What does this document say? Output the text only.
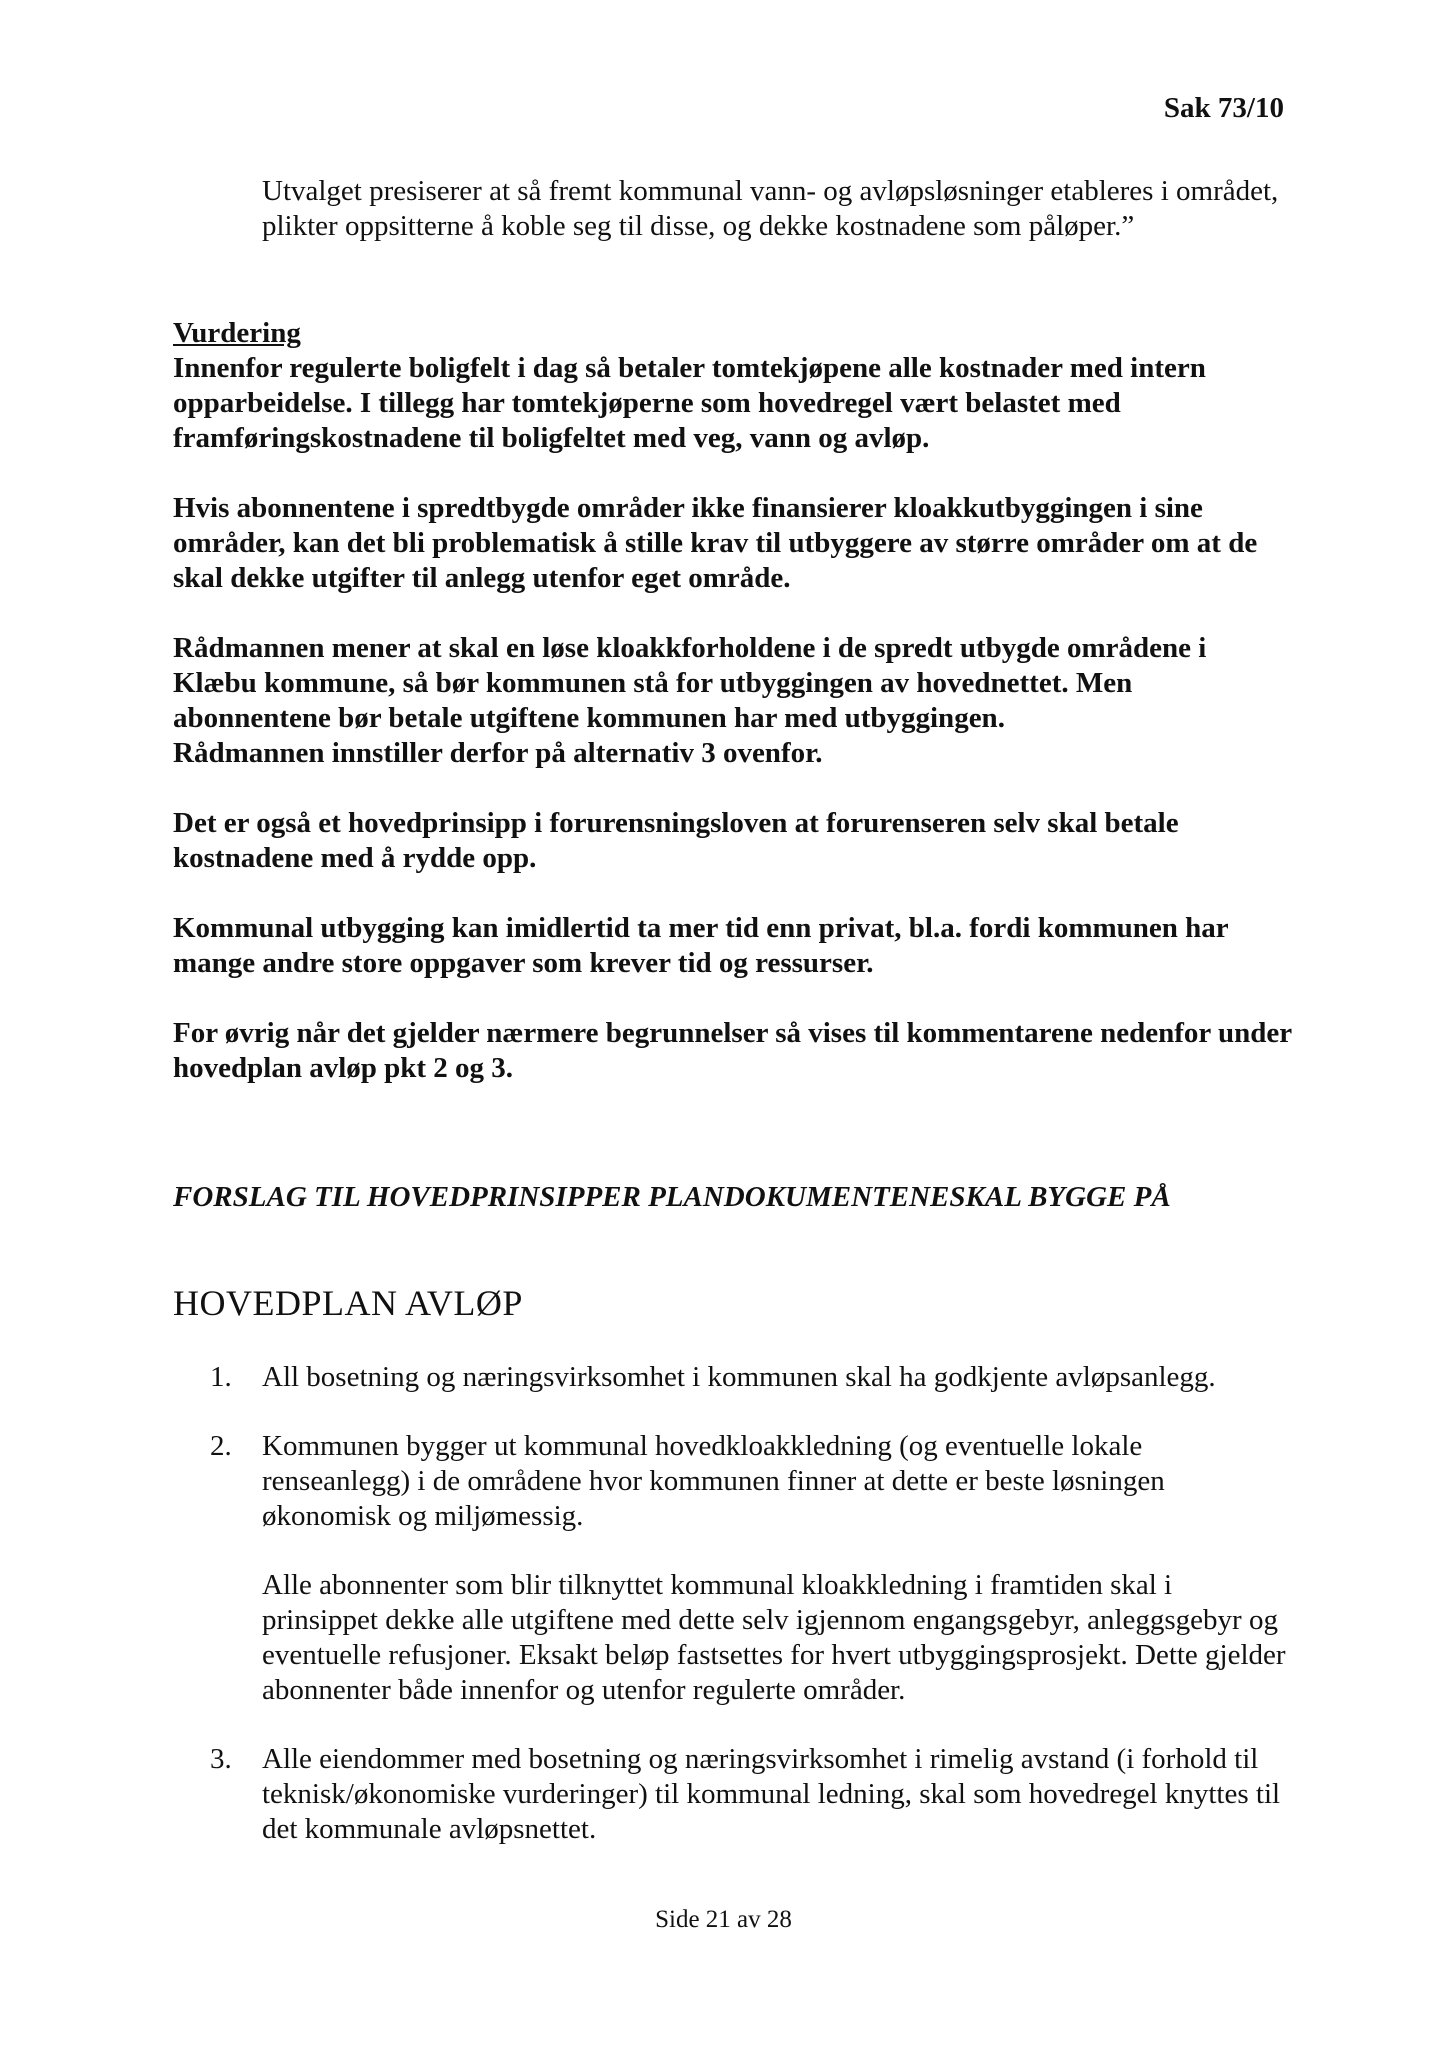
Sak 73/10

Utvalget presiserer at så fremt kommunal vann- og avløpsløsninger etableres i området, plikter oppsitterne å koble seg til disse, og dekke kostnadene som påløper.”

Vurdering

Innenfor regulerte boligfelt i dag så betaler tomtekjøpene alle kostnader med intern opparbeidelse. I tillegg har tomtekjøperne som hovedregel vært belastet med framføringskostnadene til boligfeltet med veg, vann og avløp.

Hvis abonnentene i spredtbygde områder ikke finansierer kloakkutbyggingen i sine områder, kan det bli problematisk å stille krav til utbyggere av større områder om at de skal dekke utgifter til anlegg utenfor eget område.

Rådmannen mener at skal en løse kloakkforholdene i de spredt utbygde områdene i Klæbu kommune, så bør kommunen stå for utbyggingen av hovednettet. Men abonnentene bør betale utgiftene kommunen har med utbyggingen.

Rådmannen innstiller derfor på alternativ 3 ovenfor.

Det er også et hovedprinsipp i forurensningsloven at forurenseren selv skal betale kostnadene med å rydde opp.

Kommunal utbygging kan imidlertid ta mer tid enn privat, bl.a. fordi kommunen har mange andre store oppgaver som krever tid og ressurser.

For øvrig når det gjelder nærmere begrunnelser så vises til kommentarene nedenfor under hovedplan avløp pkt 2 og 3.

FORSLAG TIL HOVEDPRINSIPPER PLANDOKUMENTENESKAL BYGGE PÅ
HOVEDPLAN AVLØP
1. All bosetning og næringsvirksomhet i kommunen skal ha godkjente avløpsanlegg.

2. Kommunen bygger ut kommunal hovedkloakkledning (og eventuelle lokale renseanlegg) i de områdene hvor kommunen finner at dette er beste løsningen økonomisk og miljømessig.

Alle abonnenter som blir tilknyttet kommunal kloakkledning i framtiden skal i prinsippet dekke alle utgiftene med dette selv igjennom engangsgebyr, anleggsgebyr og eventuelle refusjoner. Eksakt beløp fastsettes for hvert utbyggingsprosjekt. Dette gjelder abonnenter både innenfor og utenfor regulerte områder.

3. Alle eiendommer med bosetning og næringsvirksomhet i rimelig avstand (i forhold til teknisk/økonomiske vurderinger) til kommunal ledning, skal som hovedregel knyttes til det kommunale avløpsnettet.

Side 21 av 28
